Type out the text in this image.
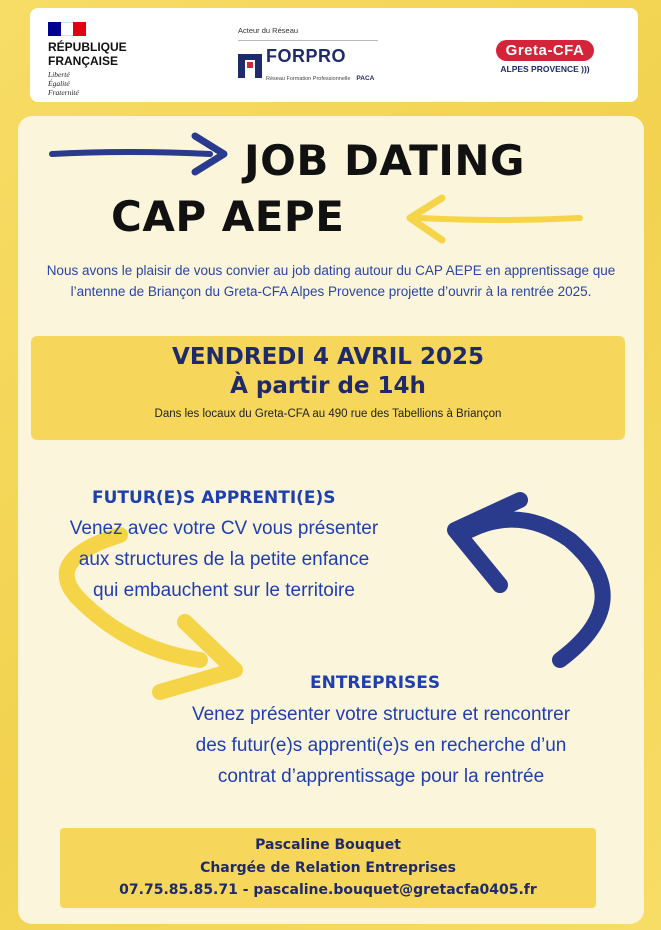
RÉPUBLIQUE
FRANÇAISE
Liberté
Égalité
Fraternité
Acteur du Réseau
FORPRO
Réseau Formation Professionnelle PACA
Greta-CFA
ALPES PROVENCE )))
JOB DATING
CAP AEPE
Nous avons le plaisir de vous convier au job dating autour du CAP AEPE en apprentissage que l’antenne de Briançon du Greta-CFA Alpes Provence projette d’ouvrir à la rentrée 2025.
VENDREDI 4 AVRIL 2025
À partir de 14h
Dans les locaux du Greta-CFA au 490 rue des Tabellions à Briançon
FUTUR(E)S APPRENTI(E)S
Venez avec votre CV vous présenter
aux structures de la petite enfance
qui embauchent sur le territoire
ENTREPRISES
Venez présenter votre structure et rencontrer
des futur(e)s apprenti(e)s en recherche d’un
contrat d’apprentissage pour la rentrée
Pascaline Bouquet
Chargée de Relation Entreprises
07.75.85.85.71 - pascaline.bouquet@gretacfa0405.fr
